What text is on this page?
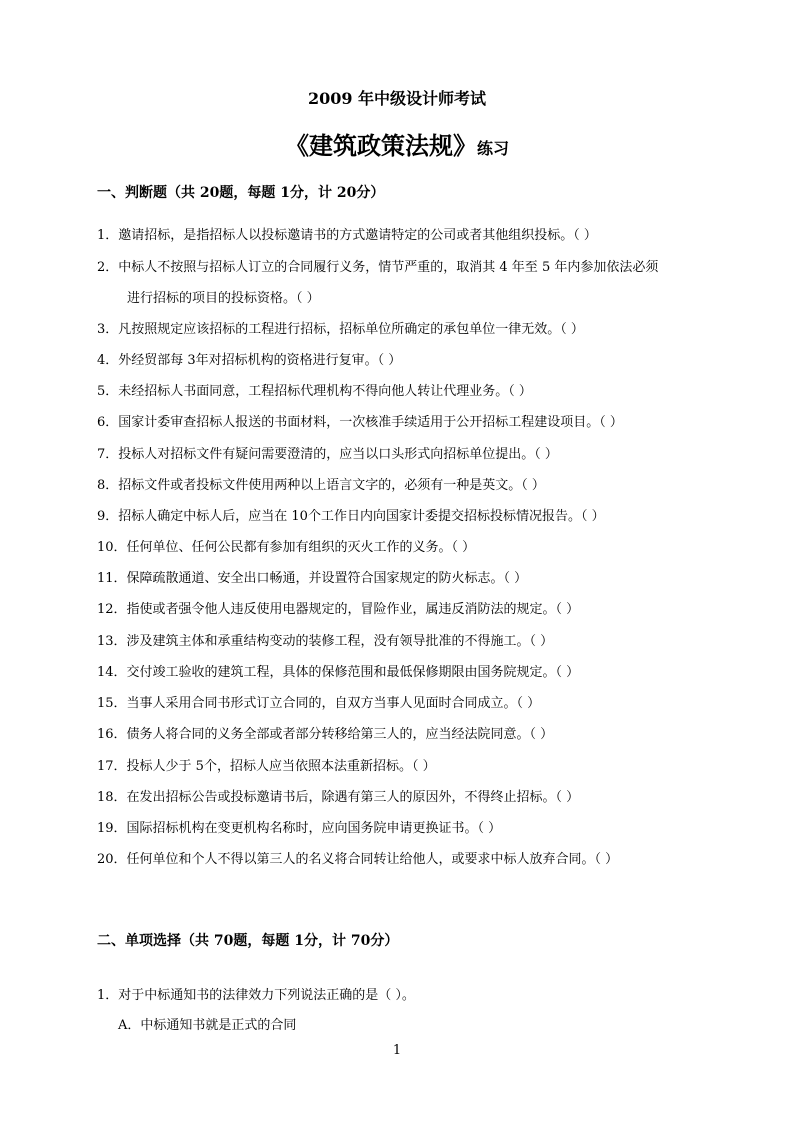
2009 年中级设计师考试
《建筑政策法规》练习
一、判断题（共 20题，每题 1分，计 20分）
1．邀请招标，是指招标人以投标邀请书的方式邀请特定的公司或者其他组织投标。（ ）
2．中标人不按照与招标人订立的合同履行义务，情节严重的，取消其 4 年至 5 年内参加依法必须
进行招标的项目的投标资格。（ ）
3．凡按照规定应该招标的工程进行招标，招标单位所确定的承包单位一律无效。（ ）
4．外经贸部每 3年对招标机构的资格进行复审。（ ）
5．未经招标人书面同意，工程招标代理机构不得向他人转让代理业务。（ ）
6．国家计委审查招标人报送的书面材料，一次核准手续适用于公开招标工程建设项目。（ ）
7．投标人对招标文件有疑问需要澄清的，应当以口头形式向招标单位提出。（ ）
8．招标文件或者投标文件使用两种以上语言文字的，必须有一种是英文。（ ）
9．招标人确定中标人后，应当在 10个工作日内向国家计委提交招标投标情况报告。（ ）
10．任何单位、任何公民都有参加有组织的灭火工作的义务。（ ）
11．保障疏散通道、安全出口畅通，并设置符合国家规定的防火标志。（ ）
12．指使或者强令他人违反使用电器规定的，冒险作业，属违反消防法的规定。（ ）
13．涉及建筑主体和承重结构变动的装修工程，没有领导批准的不得施工。（ ）
14．交付竣工验收的建筑工程，具体的保修范围和最低保修期限由国务院规定。（ ）
15．当事人采用合同书形式订立合同的，自双方当事人见面时合同成立。（ ）
16．债务人将合同的义务全部或者部分转移给第三人的，应当经法院同意。（ ）
17．投标人少于 5个，招标人应当依照本法重新招标。（ ）
18．在发出招标公告或投标邀请书后，除遇有第三人的原因外，不得终止招标。（ ）
19．国际招标机构在变更机构名称时，应向国务院申请更换证书。（ ）
20．任何单位和个人不得以第三人的名义将合同转让给他人，或要求中标人放弃合同。（ ）
二、单项选择（共 70题，每题 1分，计 70分）
1．对于中标通知书的法律效力下列说法正确的是（ ）。
A．中标通知书就是正式的合同
1
